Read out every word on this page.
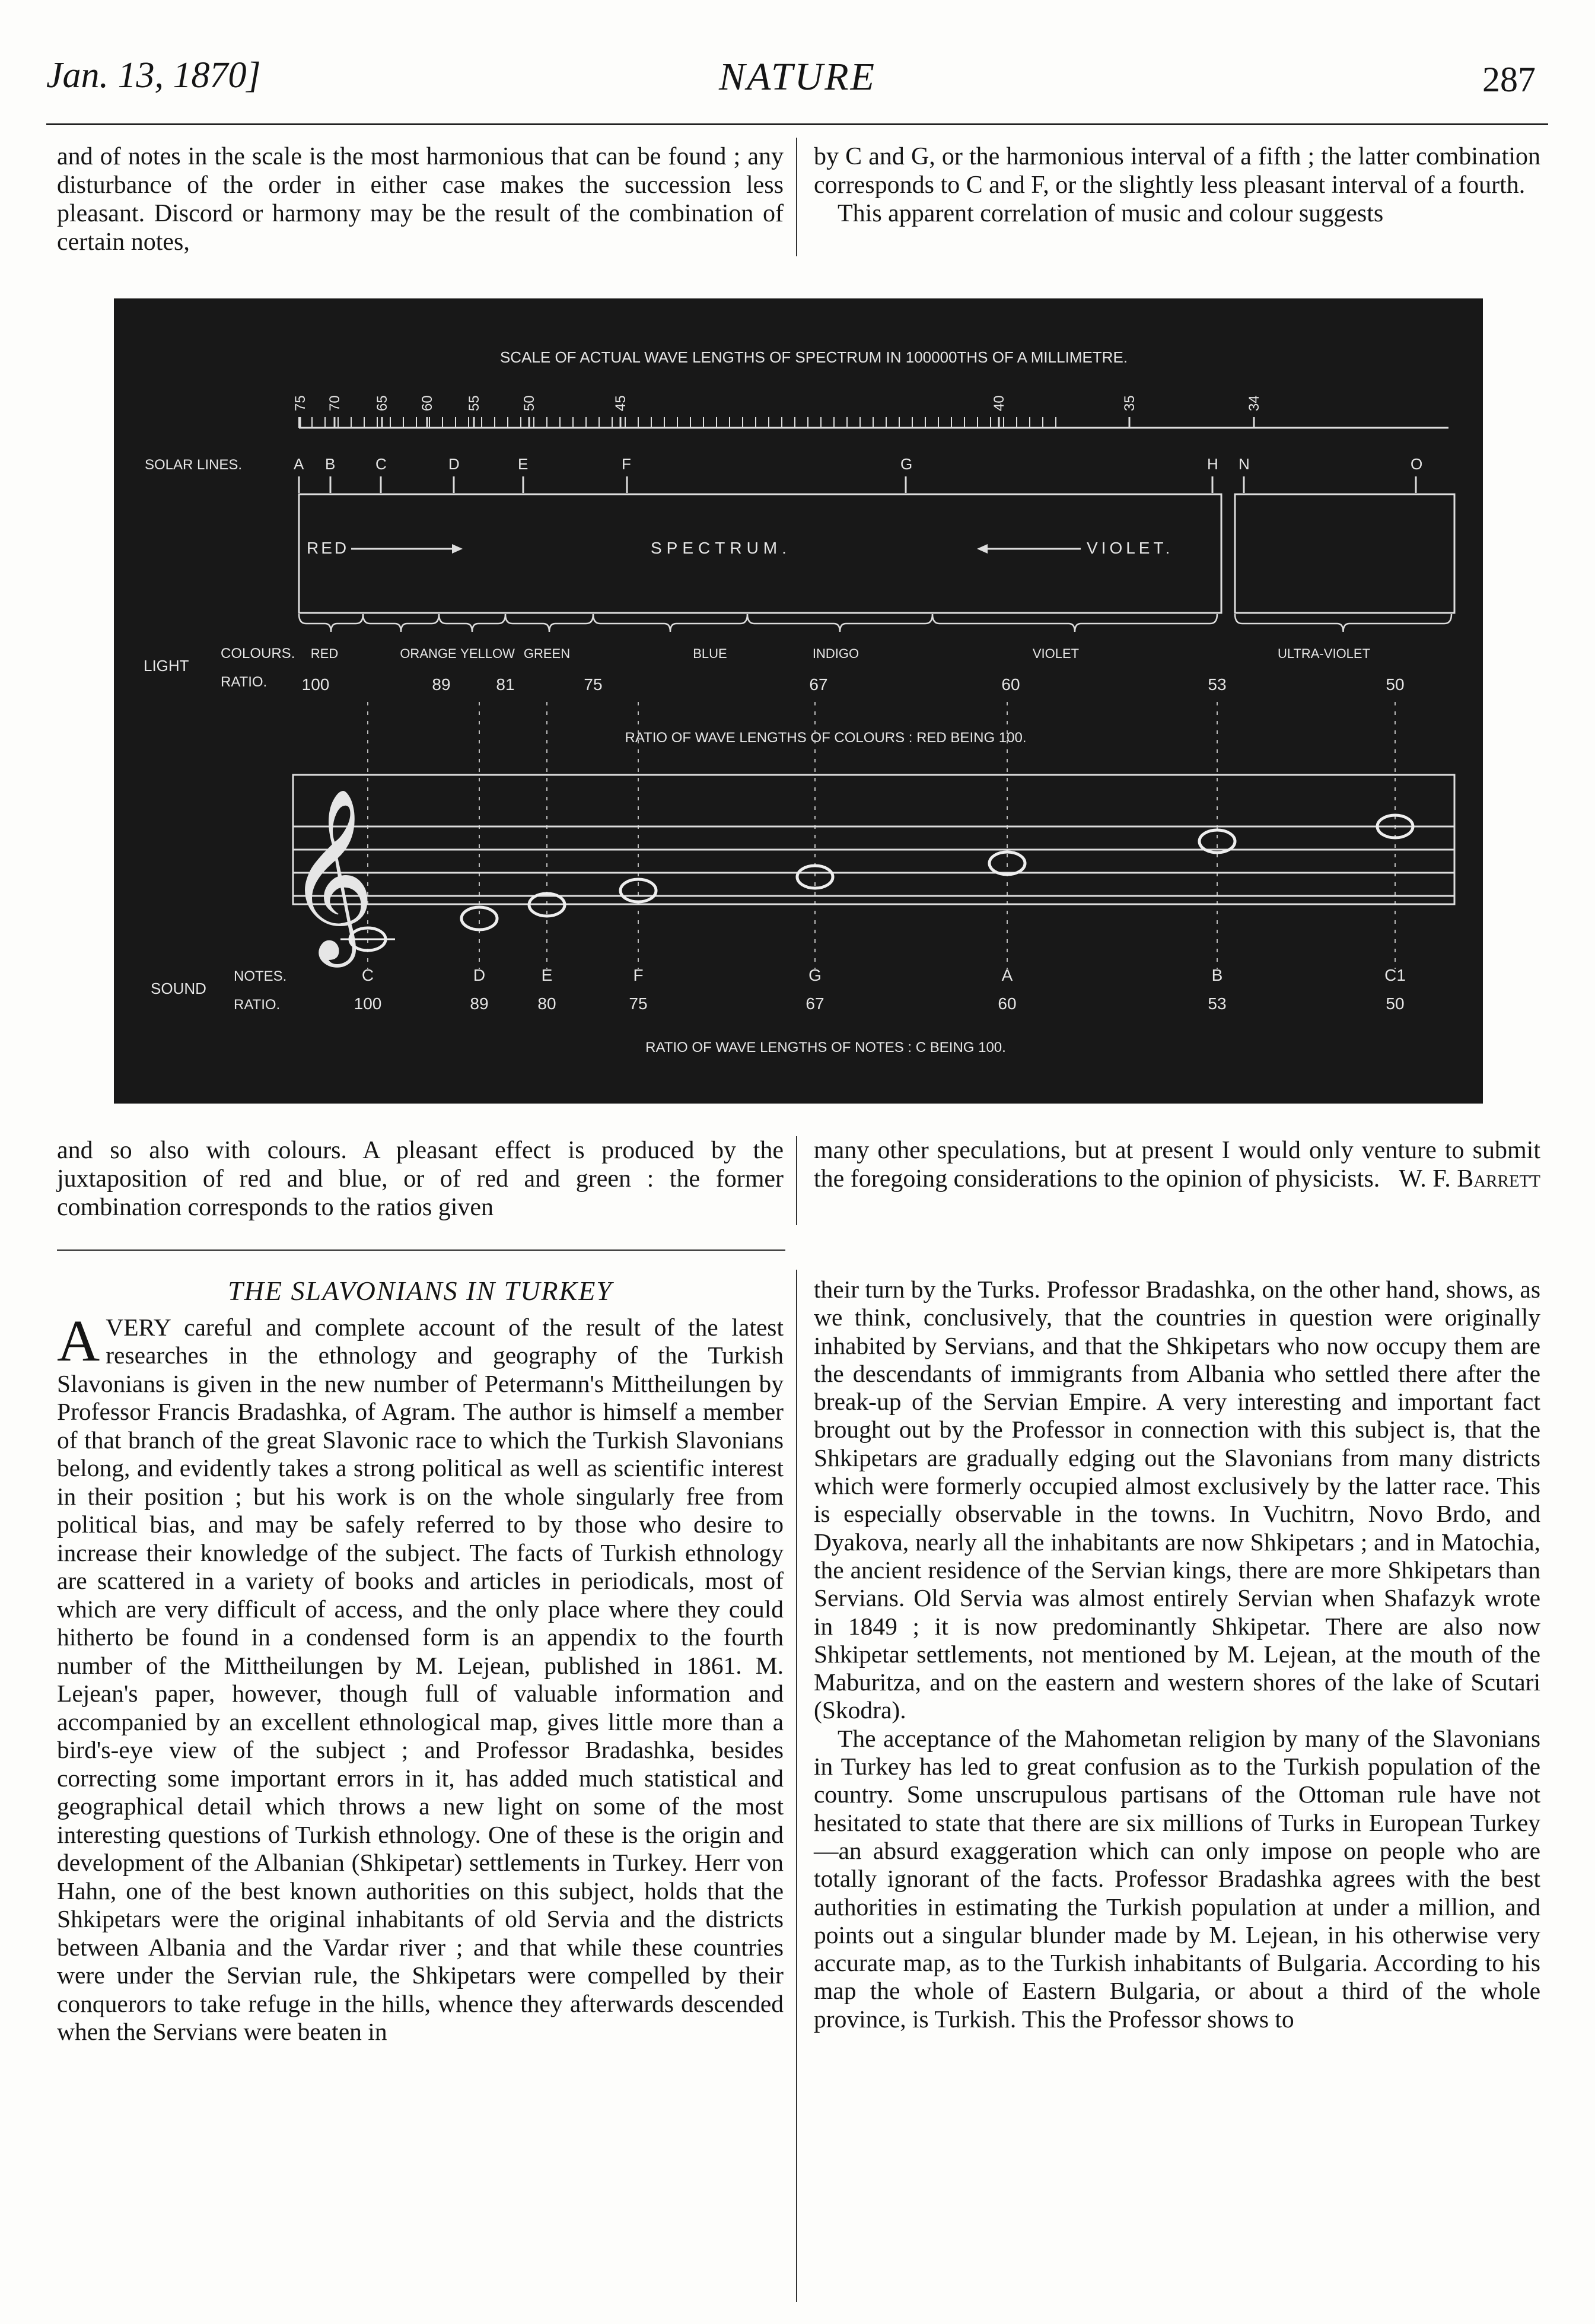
Jan. 13, 1870]	NATURE	287

and of notes in the scale is the most harmonious that can be found ; any disturbance of the order in either case makes the succession less pleasant. Discord or harmony may be the result of the combination of certain notes,

by C and G, or the harmonious interval of a fifth ; the latter combination corresponds to C and F, or the slightly less pleasant interval of a fourth.

This apparent correlation of music and colour suggests

SCALE OF ACTUAL WAVE LENGTHS OF SPECTRUM IN 100000THS OF A MILLIMETRE.
75 70 65 60 55	50	45	40	35	34
SOLAR LINES.	A B	C	D	E	F	G	H N	O
RED	SPECTRUM.	VIOLET.
LIGHT
COLOURS.
RATIO.
RED	ORANGE YELLOW GREEN	BLUE	INDIGO	VIOLET	ULTRA-VIOLET
100	89	81	75	67	60	53	50
RATIO OF WAVE LENGTHS OF COLOURS : RED BEING 100.
𝄞
SOUND
NOTES.
RATIO.
C	D	E	F	G	A	B	C1
100	89	80	75	67	60	53	50
RATIO OF WAVE LENGTHS OF NOTES : C BEING 100.

and so also with colours. A pleasant effect is produced by the juxtaposition of red and blue, or of red and green : the former combination corresponds to the ratios given

many other speculations, but at present I would only venture to submit the foregoing considerations to the opinion of physicists. W. F. Barrett

THE SLAVONIANS IN TURKEY

AVERY careful and complete account of the result of the latest researches in the ethnology and geography of the Turkish Slavonians is given in the new number of Petermann's Mittheilungen by Professor Francis Bradashka, of Agram. The author is himself a member of that branch of the great Slavonic race to which the Turkish Slavonians belong, and evidently takes a strong political as well as scientific interest in their position ; but his work is on the whole singularly free from political bias, and may be safely referred to by those who desire to increase their knowledge of the subject. The facts of Turkish ethnology are scattered in a variety of books and articles in periodicals, most of which are very difficult of access, and the only place where they could hitherto be found in a condensed form is an appendix to the fourth number of the Mittheilungen by M. Lejean, published in 1861. M. Lejean's paper, however, though full of valuable information and accompanied by an excellent ethnological map, gives little more than a bird's-eye view of the subject ; and Professor Bradashka, besides correcting some important errors in it, has added much statistical and geographical detail which throws a new light on some of the most interesting questions of Turkish ethnology. One of these is the origin and development of the Albanian (Shkipetar) settlements in Turkey. Herr von Hahn, one of the best known authorities on this subject, holds that the Shkipetars were the original inhabitants of old Servia and the districts between Albania and the Vardar river ; and that while these countries were under the Servian rule, the Shkipetars were compelled by their conquerors to take refuge in the hills, whence they afterwards descended when the Servians were beaten in

their turn by the Turks. Professor Bradashka, on the other hand, shows, as we think, conclusively, that the countries in question were originally inhabited by Servians, and that the Shkipetars who now occupy them are the descendants of immigrants from Albania who settled there after the break-up of the Servian Empire. A very interesting and important fact brought out by the Professor in connection with this subject is, that the Shkipetars are gradually edging out the Slavonians from many districts which were formerly occupied almost exclusively by the latter race. This is especially observable in the towns. In Vuchitrn, Novo Brdo, and Dyakova, nearly all the inhabitants are now Shkipetars ; and in Matochia, the ancient residence of the Servian kings, there are more Shkipetars than Servians. Old Servia was almost entirely Servian when Shafazyk wrote in 1849 ; it is now predominantly Shkipetar. There are also now Shkipetar settlements, not mentioned by M. Lejean, at the mouth of the Maburitza, and on the eastern and western shores of the lake of Scutari (Skodra).

The acceptance of the Mahometan religion by many of the Slavonians in Turkey has led to great confusion as to the Turkish population of the country. Some unscrupulous partisans of the Ottoman rule have not hesitated to state that there are six millions of Turks in European Turkey—an absurd exaggeration which can only impose on people who are totally ignorant of the facts. Professor Bradashka agrees with the best authorities in estimating the Turkish population at under a million, and points out a singular blunder made by M. Lejean, in his otherwise very accurate map, as to the Turkish inhabitants of Bulgaria. According to his map the whole of Eastern Bulgaria, or about a third of the whole province, is Turkish. This the Professor shows to
